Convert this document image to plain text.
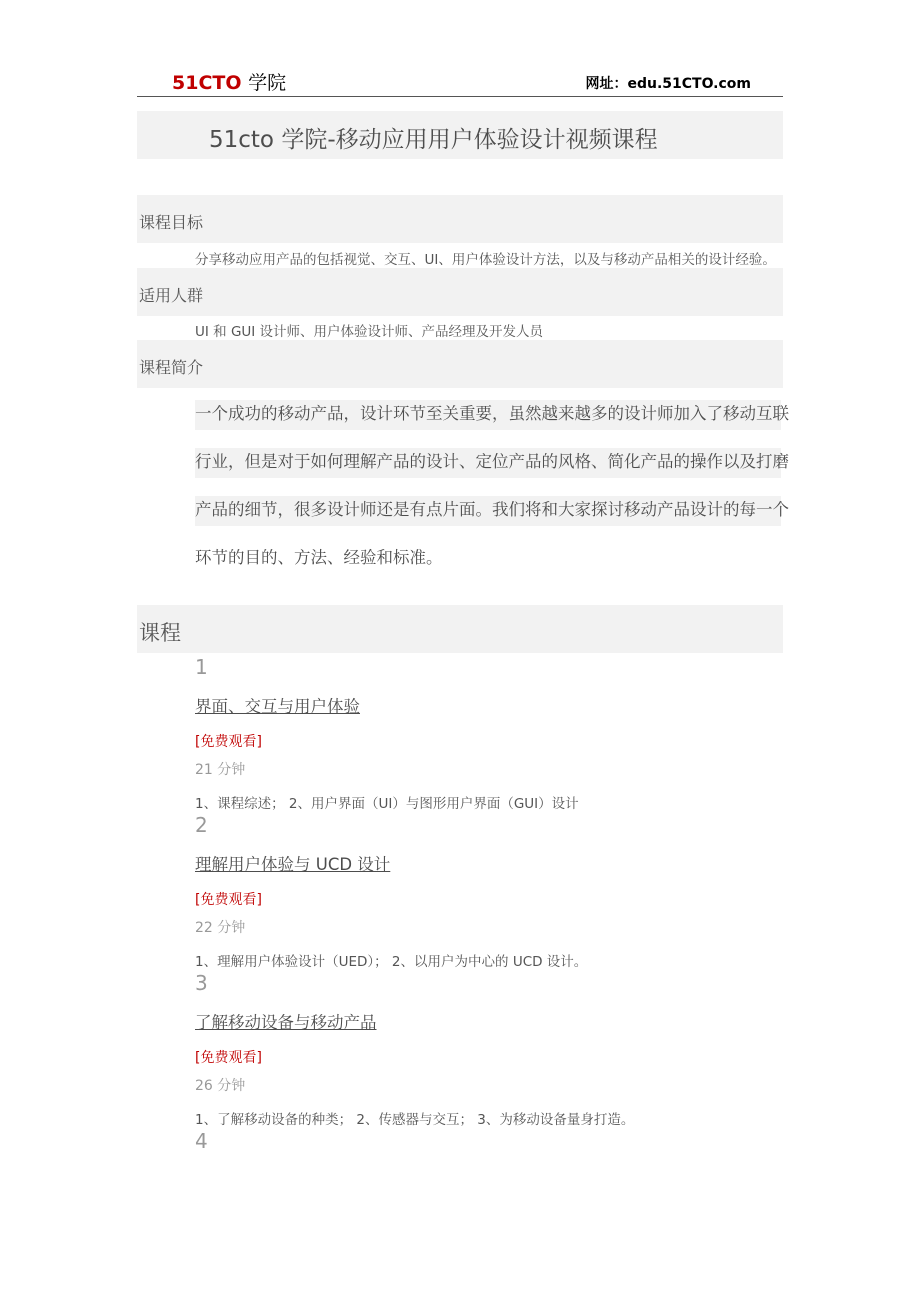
51CTO 学院	网址：edu.51CTO.com
51cto 学院-移动应用用户体验设计视频课程
课程目标
分享移动应用产品的包括视觉、交互、UI、用户体验设计方法，以及与移动产品相关的设计经验。
适用人群
UI 和 GUI 设计师、用户体验设计师、产品经理及开发人员
课程简介
一个成功的移动产品，设计环节至关重要，虽然越来越多的设计师加入了移动互联
行业，但是对于如何理解产品的设计、定位产品的风格、简化产品的操作以及打磨
产品的细节，很多设计师还是有点片面。我们将和大家探讨移动产品设计的每一个
环节的目的、方法、经验和标准。
课程
1
界面、交互与用户体验
[免费观看]
21 分钟
1、课程综述； 2、用户界面（UI）与图形用户界面（GUI）设计
2
理解用户体验与 UCD 设计
[免费观看]
22 分钟
1、理解用户体验设计（UED）； 2、以用户为中心的 UCD 设计。
3
了解移动设备与移动产品
[免费观看]
26 分钟
1、了解移动设备的种类； 2、传感器与交互； 3、为移动设备量身打造。
4
